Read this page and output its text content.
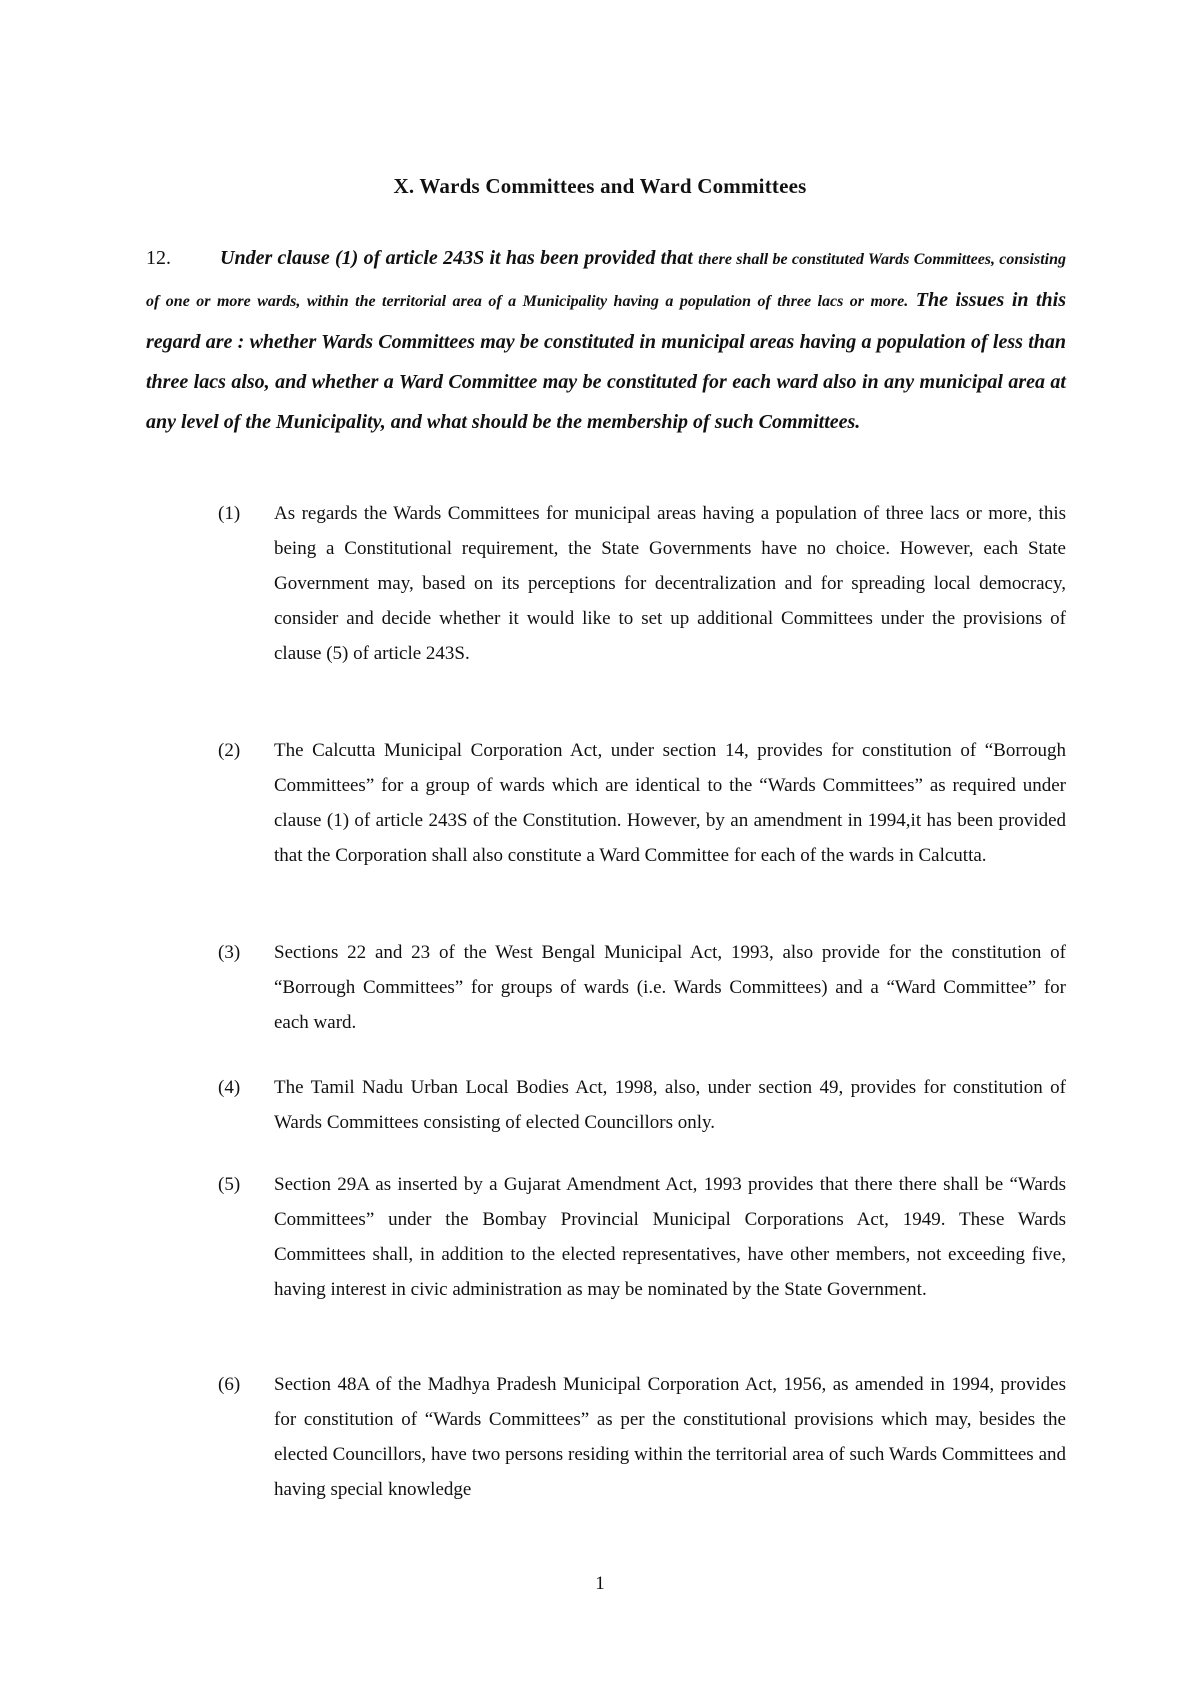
X. Wards Committees and Ward Committees
12. Under clause (1) of article 243S it has been provided that there shall be constituted Wards Committees, consisting of one or more wards, within the territorial area of a Municipality having a population of three lacs or more. The issues in this regard are : whether Wards Committees may be constituted in municipal areas having a population of less than three lacs also, and whether a Ward Committee may be constituted for each ward also in any municipal area at any level of the Municipality, and what should be the membership of such Committees.
(1)	As regards the Wards Committees for municipal areas having a population of three lacs or more, this being a Constitutional requirement, the State Governments have no choice. However, each State Government may, based on its perceptions for decentralization and for spreading local democracy, consider and decide whether it would like to set up additional Committees under the provisions of clause (5) of article 243S.
(2)	The Calcutta Municipal Corporation Act, under section 14, provides for constitution of “Borrough Committees” for a group of wards which are identical to the “Wards Committees” as required under clause (1) of article 243S of the Constitution. However, by an amendment in 1994,it has been provided that the Corporation shall also constitute a Ward Committee for each of the wards in Calcutta.
(3)	Sections 22 and 23 of the West Bengal Municipal Act, 1993, also provide for the constitution of “Borrough Committees” for groups of wards (i.e. Wards Committees) and a “Ward Committee” for each ward.
(4)	The Tamil Nadu Urban Local Bodies Act, 1998, also, under section 49, provides for constitution of Wards Committees consisting of elected Councillors only.
(5)	Section 29A as inserted by a Gujarat Amendment Act, 1993 provides that there there shall be “Wards Committees” under the Bombay Provincial Municipal Corporations Act, 1949. These Wards Committees shall, in addition to the elected representatives, have other members, not exceeding five, having interest in civic administration as may be nominated by the State Government.
(6)	Section 48A of the Madhya Pradesh Municipal Corporation Act, 1956, as amended in 1994, provides for constitution of “Wards Committees” as per the constitutional provisions which may, besides the elected Councillors, have two persons residing within the territorial area of such Wards Committees and having special knowledge
1
